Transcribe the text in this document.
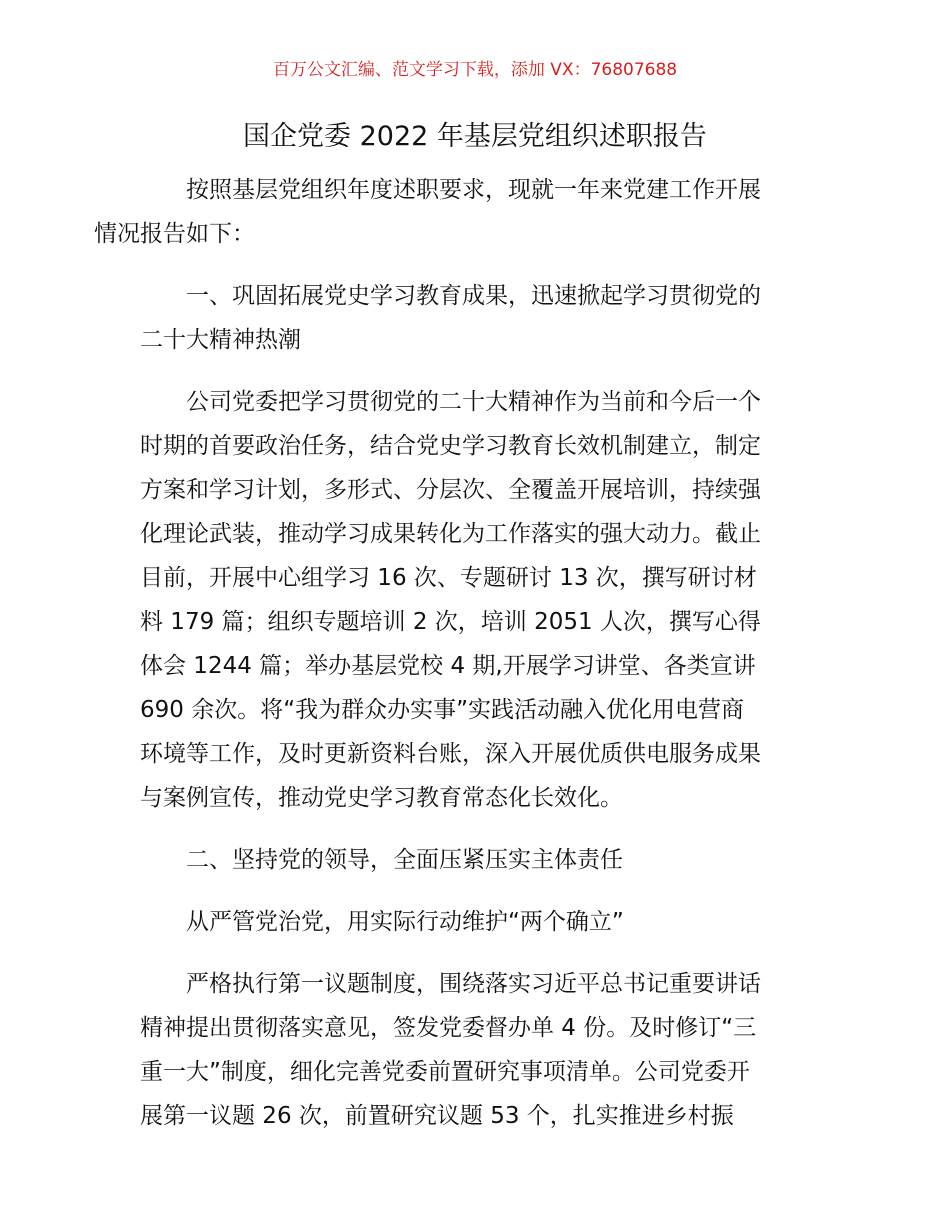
百万公文汇编、范文学习下载，添加 VX：76807688
国企党委 2022 年基层党组织述职报告
按照基层党组织年度述职要求，现就一年来党建工作开展
情况报告如下：
一、巩固拓展党史学习教育成果，迅速掀起学习贯彻党的
二十大精神热潮
公司党委把学习贯彻党的二十大精神作为当前和今后一个
时期的首要政治任务，结合党史学习教育长效机制建立，制定
方案和学习计划，多形式、分层次、全覆盖开展培训，持续强
化理论武装，推动学习成果转化为工作落实的强大动力。截止
目前，开展中心组学习 16 次、专题研讨 13 次，撰写研讨材
料 179 篇；组织专题培训 2 次，培训 2051 人次，撰写心得
体会 1244 篇；举办基层党校 4 期,开展学习讲堂、各类宣讲
690 余次。将“我为群众办实事”实践活动融入优化用电营商
环境等工作，及时更新资料台账，深入开展优质供电服务成果
与案例宣传，推动党史学习教育常态化长效化。
二、坚持党的领导，全面压紧压实主体责任
从严管党治党，用实际行动维护“两个确立”
严格执行第一议题制度，围绕落实习近平总书记重要讲话
精神提出贯彻落实意见，签发党委督办单 4 份。及时修订“三
重一大”制度，细化完善党委前置研究事项清单。公司党委开
展第一议题 26 次，前置研究议题 53 个，扎实推进乡村振
